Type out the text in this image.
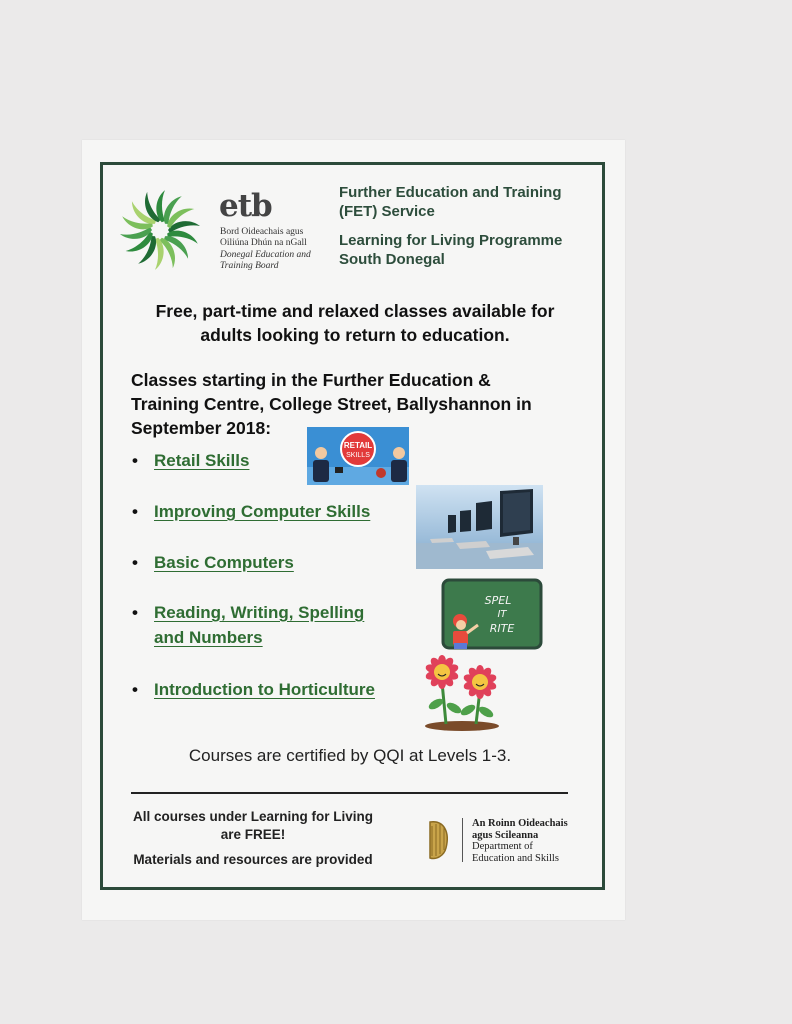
etb
Bord Oideachais agus
Oiliúna Dhún na nGall
Donegal Education and
Training Board
Further Education and Training
(FET) Service
Learning for Living Programme
South Donegal
Free, part-time and relaxed classes available for
adults looking to return to education.
Classes starting in the Further Education &
Training Centre, College Street, Ballyshannon in
September 2018:
• Retail Skills
• Improving Computer Skills
• Basic Computers
• Reading, Writing, Spelling
and Numbers
• Introduction to Horticulture
RETAIL
SKILLS
SPEL
IT
RITE
Courses are certified by QQI at Levels 1-3.
All courses under Learning for Living
are FREE!
Materials and resources are provided
An Roinn Oideachais
agus Scileanna
Department of
Education and Skills
